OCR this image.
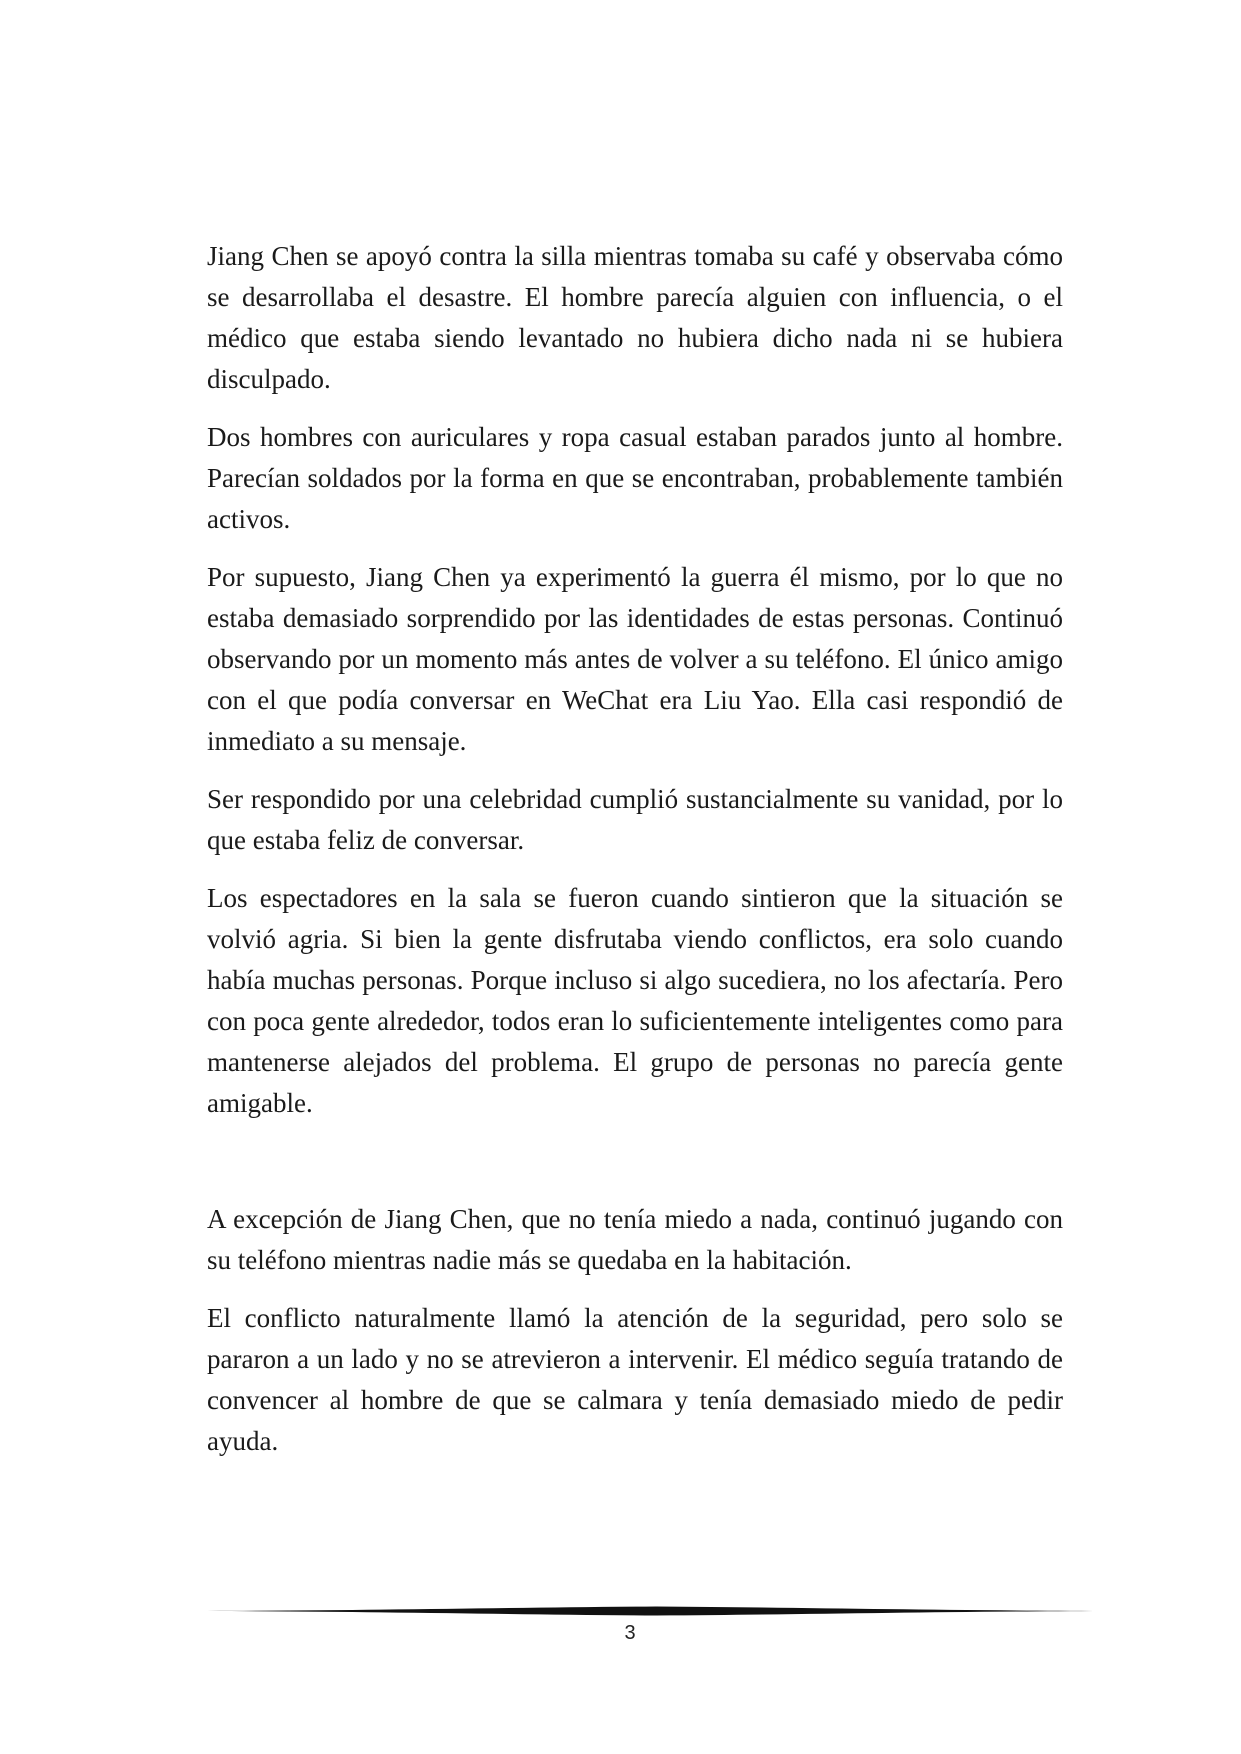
Jiang Chen se apoyó contra la silla mientras tomaba su café y observaba cómo se desarrollaba el desastre. El hombre parecía alguien con influencia, o el médico que estaba siendo levantado no hubiera dicho nada ni se hubiera disculpado.

Dos hombres con auriculares y ropa casual estaban parados junto al hombre. Parecían soldados por la forma en que se encontraban, probablemente también activos.

Por supuesto, Jiang Chen ya experimentó la guerra él mismo, por lo que no estaba demasiado sorprendido por las identidades de estas personas. Continuó observando por un momento más antes de volver a su teléfono. El único amigo con el que podía conversar en WeChat era Liu Yao. Ella casi respondió de inmediato a su mensaje.

Ser respondido por una celebridad cumplió sustancialmente su vanidad, por lo que estaba feliz de conversar.

Los espectadores en la sala se fueron cuando sintieron que la situación se volvió agria. Si bien la gente disfrutaba viendo conflictos, era solo cuando había muchas personas. Porque incluso si algo sucediera, no los afectaría. Pero con poca gente alrededor, todos eran lo suficientemente inteligentes como para mantenerse alejados del problema. El grupo de personas no parecía gente amigable.

A excepción de Jiang Chen, que no tenía miedo a nada, continuó jugando con su teléfono mientras nadie más se quedaba en la habitación.

El conflicto naturalmente llamó la atención de la seguridad, pero solo se pararon a un lado y no se atrevieron a intervenir. El médico seguía tratando de convencer al hombre de que se calmara y tenía demasiado miedo de pedir ayuda.

3
